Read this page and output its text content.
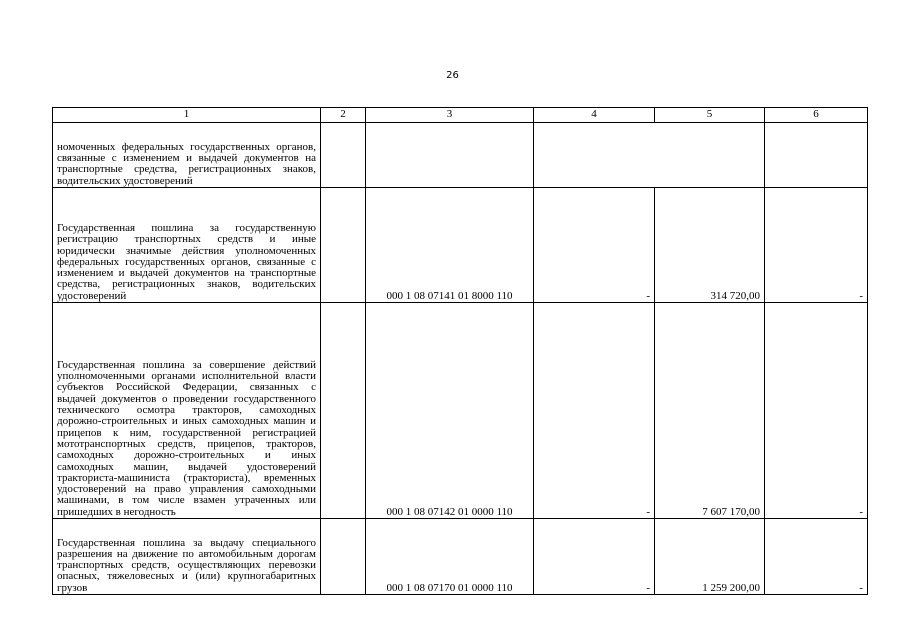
26
1	2	3	4	5	6
номоченных федеральных государственных органов, связанные с изменением и выдачей документов на транспортные средства, регистрационных знаков, водительских удостоверений					
Государственная пошлина за государственную регистрацию транспортных средств и иные юридически значимые действия уполномоченных федеральных государственных органов, связанные с изменением и выдачей документов на транспортные средства, регистрационных знаков, водительских удостоверений		000 1 08 07141 01 8000 110	-	314 720,00	-
Государственная пошлина за совершение действий уполномоченными органами исполнительной власти субъектов Российской Федерации, связанных с выдачей документов о проведении государственного технического осмотра тракторов, самоходных дорожно-строительных и иных самоходных машин и прицепов к ним, государственной регистрацией мототранспортных средств, прицепов, тракторов, самоходных дорожно-строительных и иных самоходных машин, выдачей удостоверений тракториста-машиниста (тракториста), временных удостоверений на право управления самоходными машинами, в том числе взамен утраченных или пришедших в негодность		000 1 08 07142 01 0000 110	-	7 607 170,00	-
Государственная пошлина за выдачу специального разрешения на движение по автомобильным дорогам транспортных средств, осуществляющих перевозки опасных, тяжеловесных и (или) крупногабаритных грузов		000 1 08 07170 01 0000 110	-	1 259 200,00	-
